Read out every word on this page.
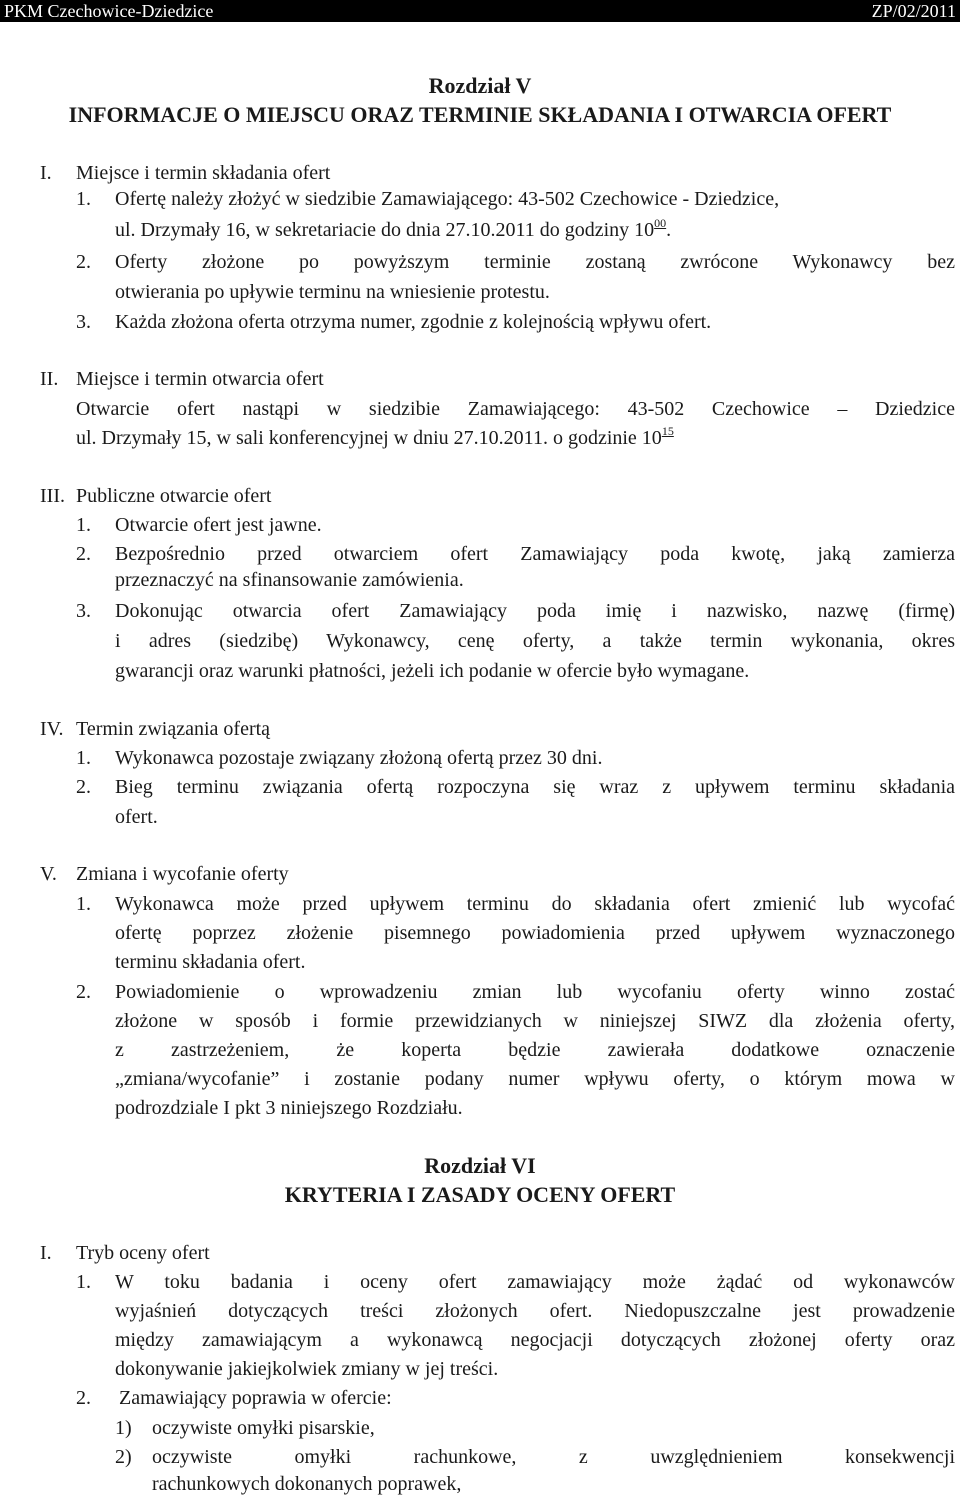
PKM Czechowice-Dziedzice	ZP/02/2011
Rozdział V
INFORMACJE O MIEJSCU ORAZ TERMINIE SKŁADANIA I OTWARCIA OFERT
I.	Miejsce i termin składania ofert
1. Ofertę należy złożyć w siedzibie Zamawiającego: 43-502 Czechowice - Dziedzice,
ul. Drzymały 16, w sekretariacie do dnia 27.10.2011 do godziny $10^{00}$.
2. Oferty złożone po powyższym terminie zostaną zwrócone Wykonawcy bez
otwierania po upływie terminu na wniesienie protestu.
3. Każda złożona oferta otrzyma numer, zgodnie z kolejnością wpływu ofert.
II. Miejsce i termin otwarcia ofert
Otwarcie ofert nastąpi w siedzibie Zamawiającego: 43-502 Czechowice – Dziedzice
ul. Drzymały 15, w sali konferencyjnej w dniu 27.10.2011. o godzinie $10^{15}$
III. Publiczne otwarcie ofert
1. Otwarcie ofert jest jawne.
2. Bezpośrednio przed otwarciem ofert Zamawiający poda kwotę, jaką zamierza
przeznaczyć na sfinansowanie zamówienia.
3. Dokonując otwarcia ofert Zamawiający poda imię i nazwisko, nazwę (firmę)
i adres (siedzibę) Wykonawcy, cenę oferty, a także termin wykonania, okres
gwarancji oraz warunki płatności, jeżeli ich podanie w ofercie było wymagane.
IV. Termin związania ofertą
1. Wykonawca pozostaje związany złożoną ofertą przez 30 dni.
2. Bieg terminu związania ofertą rozpoczyna się wraz z upływem terminu składania
ofert.
V. Zmiana i wycofanie oferty
1. Wykonawca może przed upływem terminu do składania ofert zmienić lub wycofać
ofertę poprzez złożenie pisemnego powiadomienia przed upływem wyznaczonego
terminu składania ofert.
2. Powiadomienie o wprowadzeniu zmian lub wycofaniu oferty winno zostać
złożone w sposób i formie przewidzianych w niniejszej SIWZ dla złożenia oferty,
z zastrzeżeniem, że koperta będzie zawierała dodatkowe oznaczenie
„zmiana/wycofanie” i zostanie podany numer wpływu oferty, o którym mowa w
podrozdziale I pkt 3 niniejszego Rozdziału.
Rozdział VI
KRYTERIA I ZASADY OCENY OFERT
I. Tryb oceny ofert
1. W toku badania i oceny ofert zamawiający może żądać od wykonawców
wyjaśnień dotyczących treści złożonych ofert. Niedopuszczalne jest prowadzenie
między zamawiającym a wykonawcą negocjacji dotyczących złożonej oferty oraz
dokonywanie jakiejkolwiek zmiany w jej treści.
2. Zamawiający poprawia w ofercie:
1) oczywiste omyłki pisarskie,
2) oczywiste omyłki rachunkowe, z uwzględnieniem konsekwencji
rachunkowych dokonanych poprawek,
